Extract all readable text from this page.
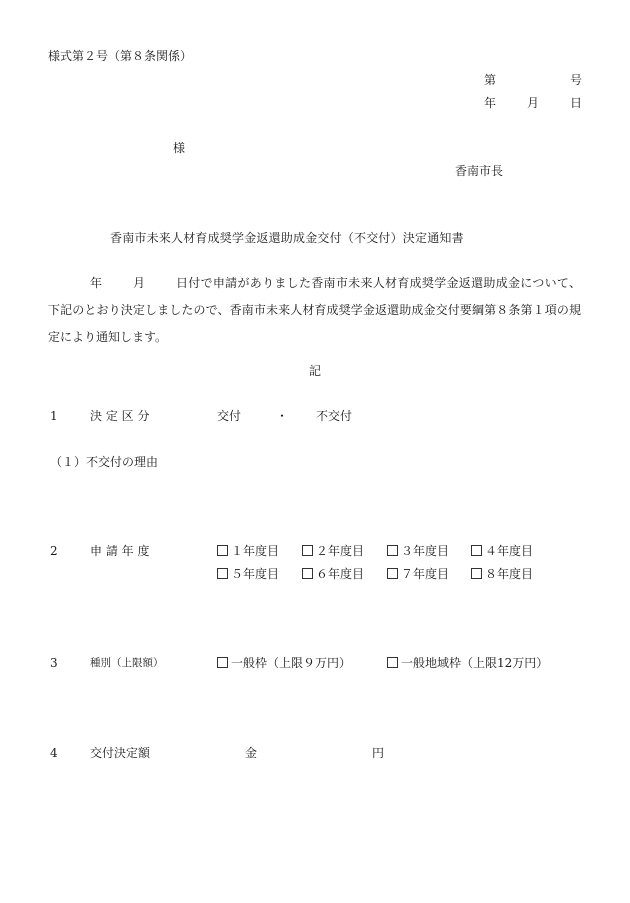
様式第２号（第８条関係）
第	号
年	月	日
様
香南市長
香南市未来人材育成奨学金返還助成金交付（不交付）決定通知書
年	月	日付で申請がありました香南市未来人材育成奨学金返還助成金について、下記のとおり決定しましたので、香南市未来人材育成奨学金返還助成金交付要綱第８条第１項の規定により通知します。
記
1	決 定 区 分	交付	・ 不交付
（１）不交付の理由
2	申 請 年 度	１年度目	２年度目	３年度目	４年度目
５年度目	６年度目	７年度目	８年度目
3	種別（上限額）	一般枠（上限９万円）	一般地域枠（上限12万円）
4	交付決定額	金	円
